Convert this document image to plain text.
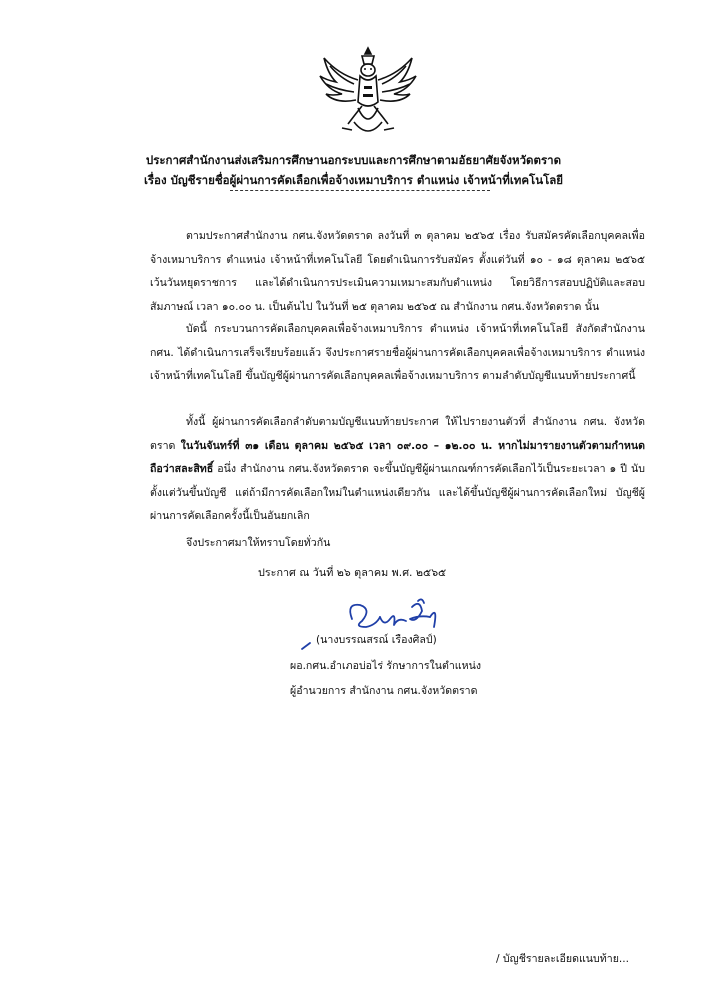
ประกาศสำนักงานส่งเสริมการศึกษานอกระบบและการศึกษาตามอัธยาศัยจังหวัดตราด
เรื่อง บัญชีรายชื่อผู้ผ่านการคัดเลือกเพื่อจ้างเหมาบริการ ตำแหน่ง เจ้าหน้าที่เทคโนโลยี

ตามประกาศสำนักงาน กศน.จังหวัดตราด ลงวันที่ ๓ ตุลาคม ๒๕๖๕ เรื่อง รับสมัครคัดเลือกบุคคลเพื่อจ้างเหมาบริการ ตำแหน่ง เจ้าหน้าที่เทคโนโลยี โดยดำเนินการรับสมัคร ตั้งแต่วันที่ ๑๐ - ๑๘ ตุลาคม ๒๕๖๕ เว้นวันหยุดราชการ และได้ดำเนินการประเมินความเหมาะสมกับตำแหน่ง โดยวิธีการสอบปฏิบัติและสอบสัมภาษณ์ เวลา ๑๐.๐๐ น. เป็นต้นไป ในวันที่ ๒๕ ตุลาคม ๒๕๖๕ ณ สำนักงาน กศน.จังหวัดตราด นั้น

บัดนี้ กระบวนการคัดเลือกบุคคลเพื่อจ้างเหมาบริการ ตำแหน่ง เจ้าหน้าที่เทคโนโลยี สังกัดสำนักงาน กศน. ได้ดำเนินการเสร็จเรียบร้อยแล้ว จึงประกาศรายชื่อผู้ผ่านการคัดเลือกบุคคลเพื่อจ้างเหมาบริการ ตำแหน่ง เจ้าหน้าที่เทคโนโลยี ขึ้นบัญชีผู้ผ่านการคัดเลือกบุคคลเพื่อจ้างเหมาบริการ ตามลำดับบัญชีแนบท้ายประกาศนี้

ทั้งนี้ ผู้ผ่านการคัดเลือกลำดับตามบัญชีแนบท้ายประกาศ ให้ไปรายงานตัวที่ สำนักงาน กศน. จังหวัดตราด ในวันจันทร์ที่ ๓๑ เดือน ตุลาคม ๒๕๖๕ เวลา ๐๙.๐๐ – ๑๒.๐๐ น. หากไม่มารายงานตัวตามกำหนดถือว่าสละสิทธิ์ อนึ่ง สำนักงาน กศน.จังหวัดตราด จะขึ้นบัญชีผู้ผ่านเกณฑ์การคัดเลือกไว้เป็นระยะเวลา ๑ ปี นับตั้งแต่วันขึ้นบัญชี แต่ถ้ามีการคัดเลือกใหม่ในตำแหน่งเดียวกัน และได้ขึ้นบัญชีผู้ผ่านการคัดเลือกใหม่ บัญชีผู้ผ่านการคัดเลือกครั้งนี้เป็นอันยกเลิก

จึงประกาศมาให้ทราบโดยทั่วกัน

ประกาศ ณ วันที่ ๒๖ ตุลาคม พ.ศ. ๒๕๖๕
(นางบรรณสรณ์ เรืองศิลป์)
ผอ.กศน.อำเภอบ่อไร่ รักษาการในตำแหน่ง
ผู้อำนวยการ สำนักงาน กศน.จังหวัดตราด
/ บัญชีรายละเอียดแนบท้าย...
